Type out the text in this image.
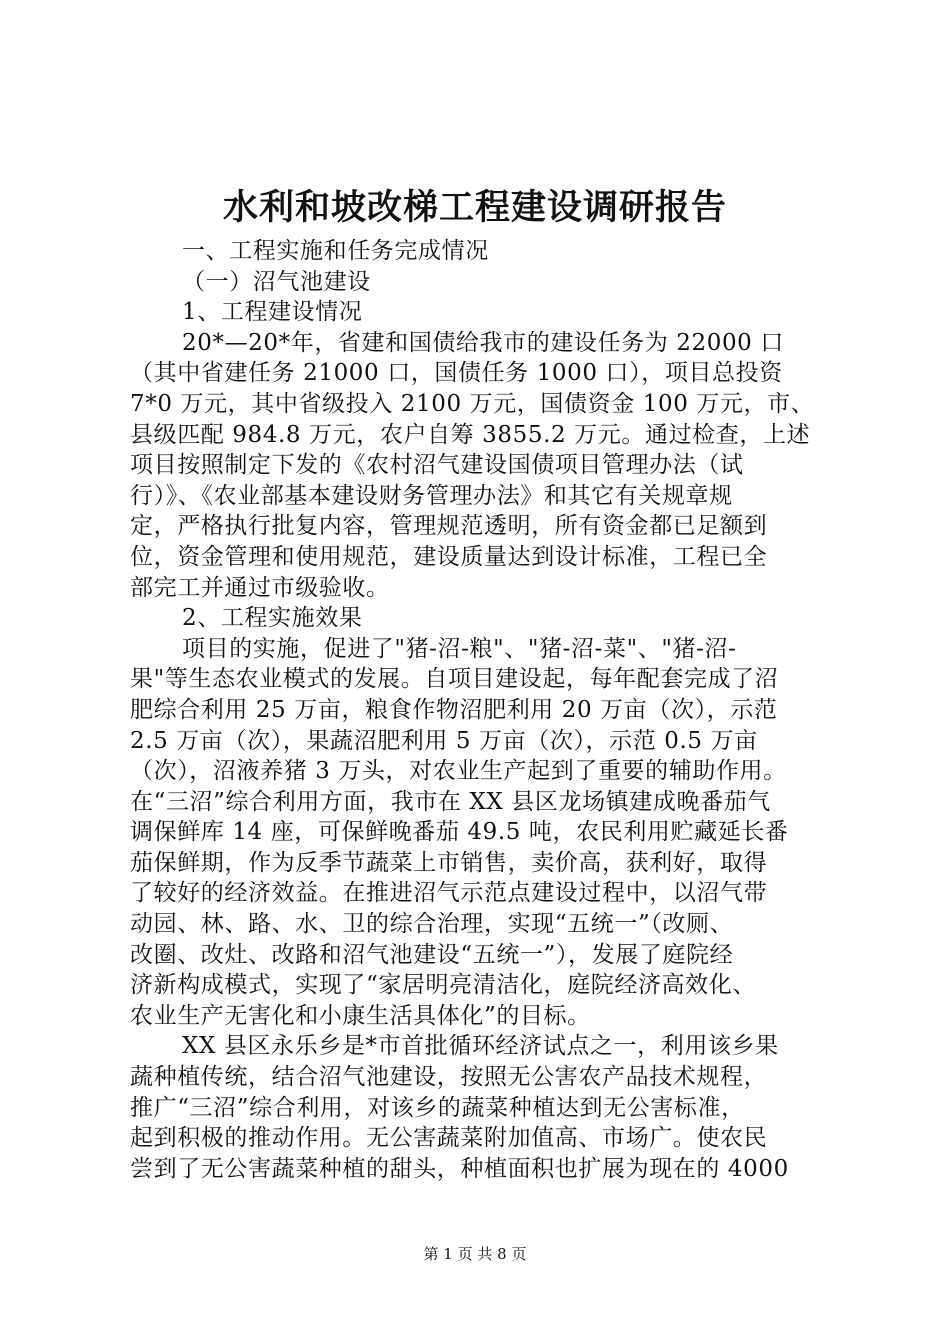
水利和坡改梯工程建设调研报告
一、工程实施和任务完成情况
（一）沼气池建设
1、工程建设情况
20*—20*年，省建和国债给我市的建设任务为 22000 口
（其中省建任务 21000 口，国债任务 1000 口），项目总投资
7*0 万元，其中省级投入 2100 万元，国债资金 100 万元，市、
县级匹配 984.8 万元，农户自筹 3855.2 万元。通过检查，上述
项目按照制定下发的《农村沼气建设国债项目管理办法（试
行）》、《农业部基本建设财务管理办法》和其它有关规章规
定，严格执行批复内容，管理规范透明，所有资金都已足额到
位，资金管理和使用规范，建设质量达到设计标准，工程已全
部完工并通过市级验收。
2、工程实施效果
项目的实施，促进了"猪-沼-粮"、"猪-沼-菜"、"猪-沼-
果"等生态农业模式的发展。自项目建设起，每年配套完成了沼
肥综合利用 25 万亩，粮食作物沼肥利用 20 万亩（次），示范
2.5 万亩（次），果蔬沼肥利用 5 万亩（次），示范 0.5 万亩
（次），沼液养猪 3 万头，对农业生产起到了重要的辅助作用。
在“三沼”综合利用方面，我市在 XX 县区龙场镇建成晚番茄气
调保鲜库 14 座，可保鲜晚番茄 49.5 吨，农民利用贮藏延长番
茄保鲜期，作为反季节蔬菜上市销售，卖价高，获利好，取得
了较好的经济效益。在推进沼气示范点建设过程中，以沼气带
动园、林、路、水、卫的综合治理，实现“五统一”（改厕、
改圈、改灶、改路和沼气池建设“五统一”），发展了庭院经
济新构成模式，实现了“家居明亮清洁化，庭院经济高效化、
农业生产无害化和小康生活具体化”的目标。
XX 县区永乐乡是*市首批循环经济试点之一，利用该乡果
蔬种植传统，结合沼气池建设，按照无公害农产品技术规程，
推广“三沼”综合利用，对该乡的蔬菜种植达到无公害标准，
起到积极的推动作用。无公害蔬菜附加值高、市场广。使农民
尝到了无公害蔬菜种植的甜头，种植面积也扩展为现在的 4000
第 1 页 共 8 页
